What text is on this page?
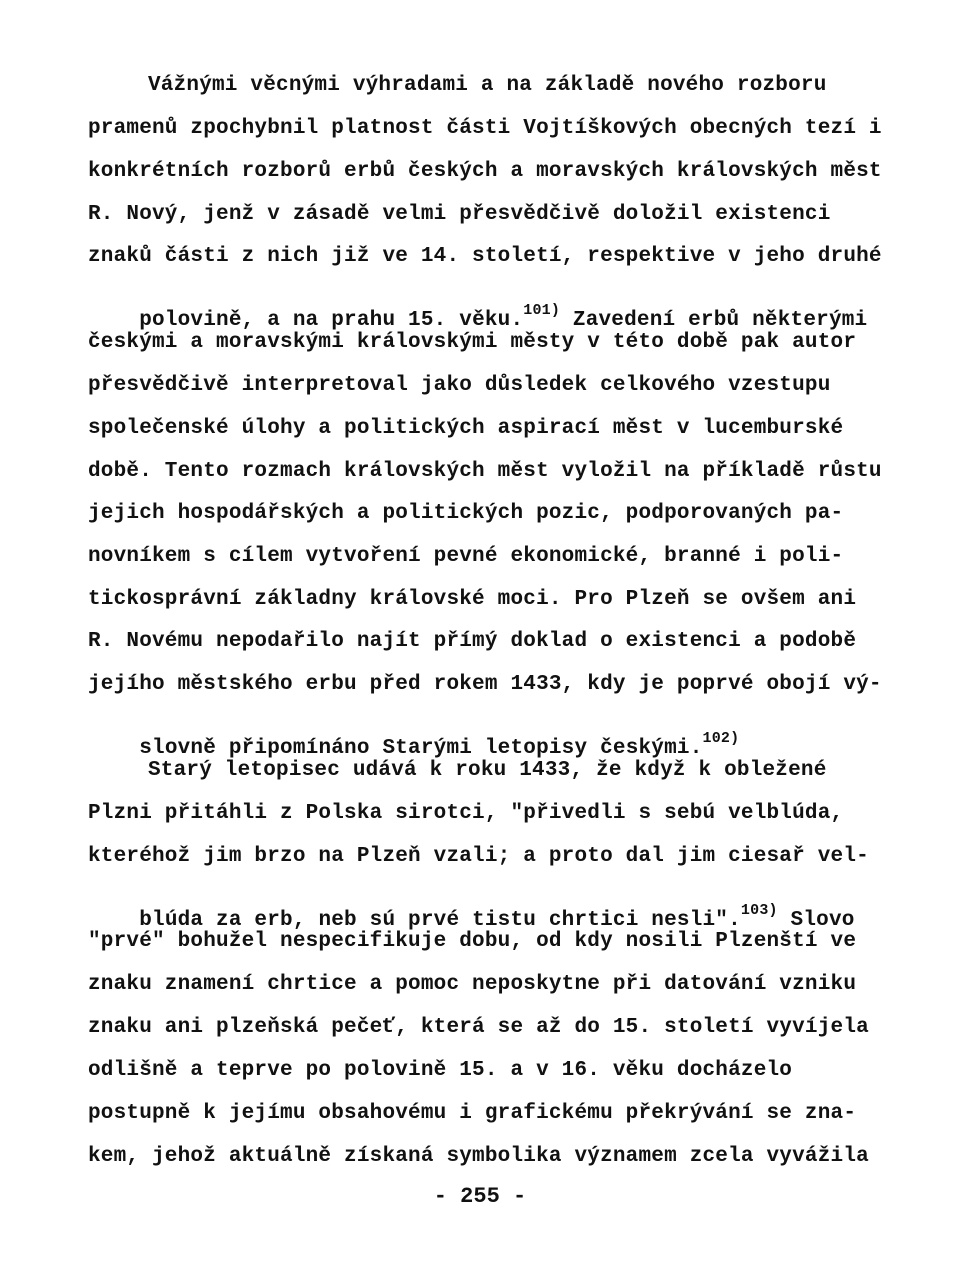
Vážnými věcnými výhradami a na základě nového rozboru
pramenů zpochybnil platnost části Vojtíškových obecných tezí i
konkrétních rozborů erbů českých a moravských královských měst
R. Nový, jenž v zásadě velmi přesvědčivě doložil existenci
znaků části z nich již ve 14. století, respektive v jeho druhé

polovině, a na prahu 15. věku.$^{101)}$ Zavedení erbů některými

českými a moravskými královskými městy v této době pak autor
přesvědčivě interpretoval jako důsledek celkového vzestupu
společenské úlohy a politických aspirací měst v lucemburské
době. Tento rozmach královských měst vyložil na příkladě růstu
jejich hospodářských a politických pozic, podporovaných pa-
novníkem s cílem vytvoření pevné ekonomické, branné i poli-
tickosprávní základny královské moci. Pro Plzeň se ovšem ani
R. Novému nepodařilo najít přímý doklad o existenci a podobě
jejího městského erbu před rokem 1433, kdy je poprvé obojí vý-

slovně připomínáno Starými letopisy českými.$^{102)}$

Starý letopisec udává k roku 1433, že když k obležené
Plzni přitáhli z Polska sirotci, "přivedli s sebú velblúda,
kteréhož jim brzo na Plzeň vzali; a proto dal jim ciesař vel-

blúda za erb, neb sú prvé tistu chrtici nesli".$^{103)}$ Slovo

"prvé" bohužel nespecifikuje dobu, od kdy nosili Plzenští ve
znaku znamení chrtice a pomoc neposkytne při datování vzniku
znaku ani plzeňská pečeť, která se až do 15. století vyvíjela
odlišně a teprve po polovině 15. a v 16. věku docházelo
postupně k jejímu obsahovému i grafickému překrývání se zna-
kem, jehož aktuálně získaná symbolika významem zcela vyvážila
- 255 -
